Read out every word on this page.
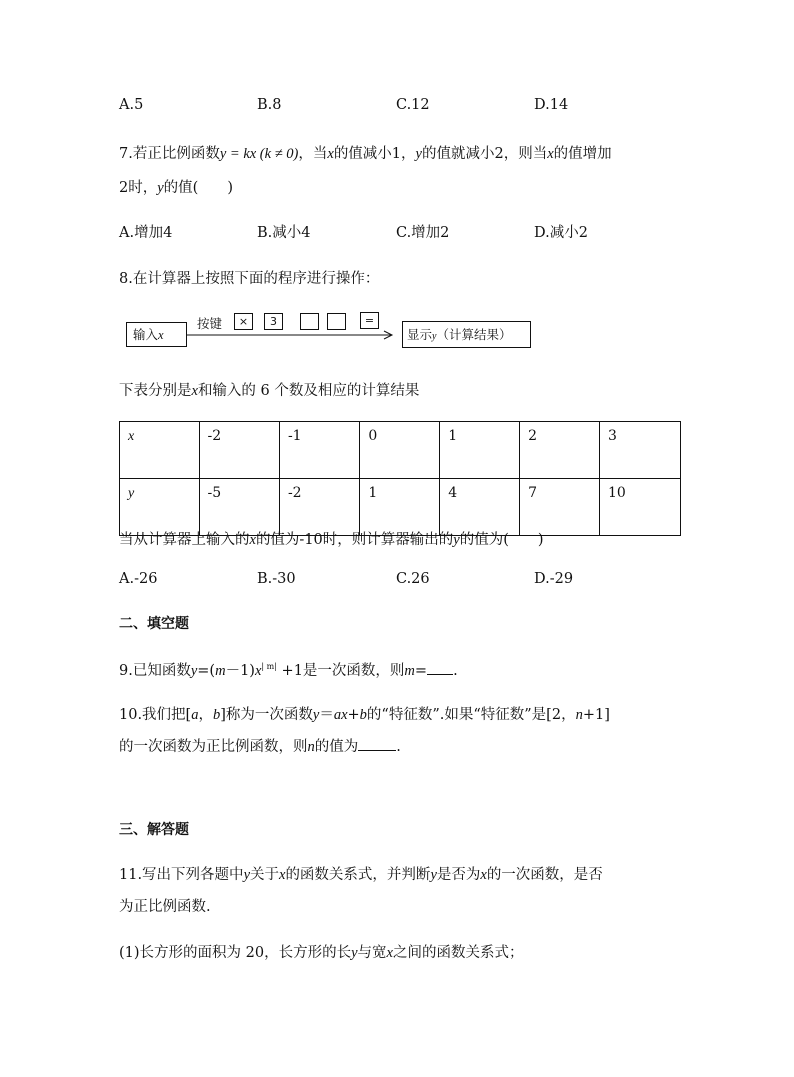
A.5	B.8	C.12	D.14
7.若正比例函数y = kx (k ≠ 0)，当x的值减小1，y的值就减小2，则当x的值增加
2时，y的值(　　)
A.增加4	B.减小4	C.增加2	D.减小2
8.在计算器上按照下面的程序进行操作：
输入x
按键	×	3	=
显示y（计算结果）
下表分别是x和输入的 6 个数及相应的计算结果
x	-2	-1	0	1	2	3
y	-5	-2	1	4	7	10
当从计算器上输入的x的值为-10时，则计算器输出的y的值为(　　)
A.-26	B.-30	C.26	D.-29
二、填空题
9.已知函数$y=(m-1)x^{| m|} +1$是一次函数，则m= .
10.我们把[a，b]称为一次函数y＝ax+b的“特征数”.如果“特征数”是[2，n+1]
的一次函数为正比例函数，则n的值为	.
三、解答题
11.写出下列各题中y关于x的函数关系式，并判断y是否为x的一次函数，是否
为正比例函数.
(1)长方形的面积为 20，长方形的长y与宽x之间的函数关系式；
